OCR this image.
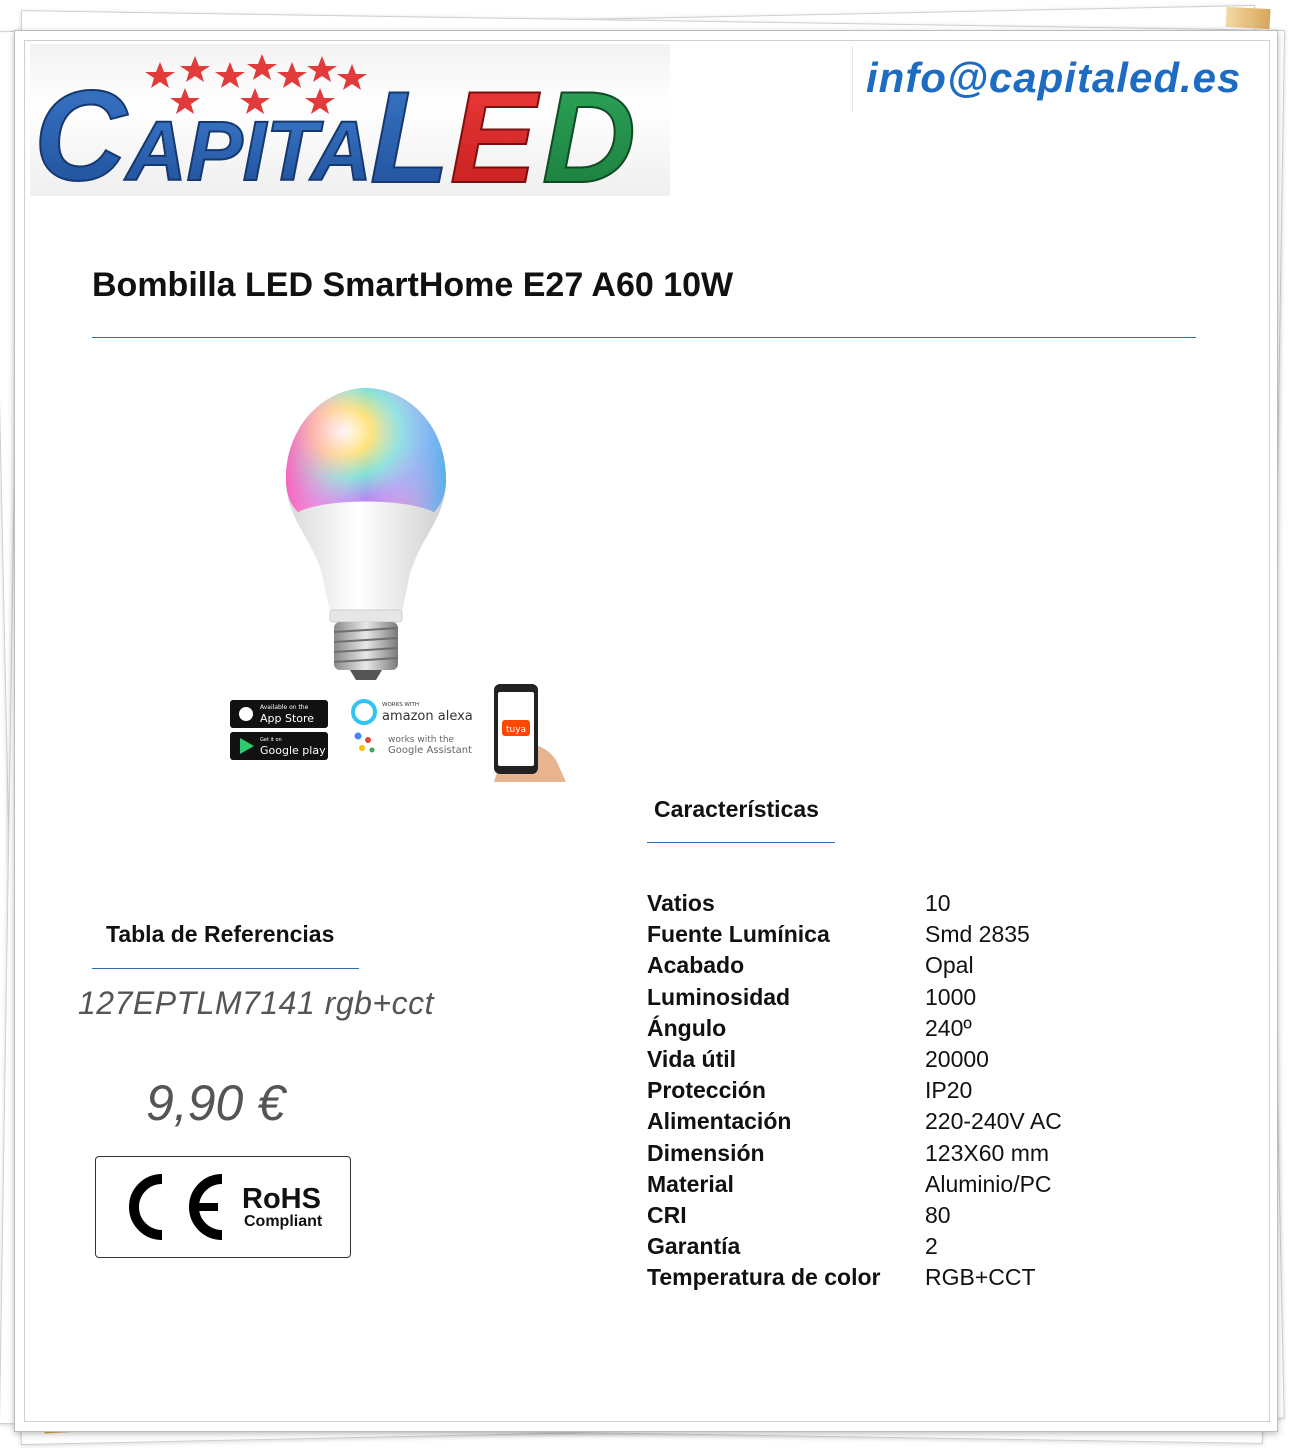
C APITA
L E D	info@capitaled.es
Bombilla LED SmartHome E27 A60 10W
Available on the
App Store
Get it on
Google play
WORKS WITH
amazon alexa
works with the
Google Assistant
tuya
Características
Vatios	10
Fuente Lumínica	Smd 2835
Acabado	Opal
Luminosidad	1000
Ángulo	240º
Vida útil	20000
Protección	IP20
Alimentación	220-240V AC
Dimensión	123X60 mm
Material	Aluminio/PC
CRI	80
Garantía	2
Temperatura de color	RGB+CCT
Tabla de Referencias
127EPTLM7141 rgb+cct
9,90 €
RoHS
Compliant
